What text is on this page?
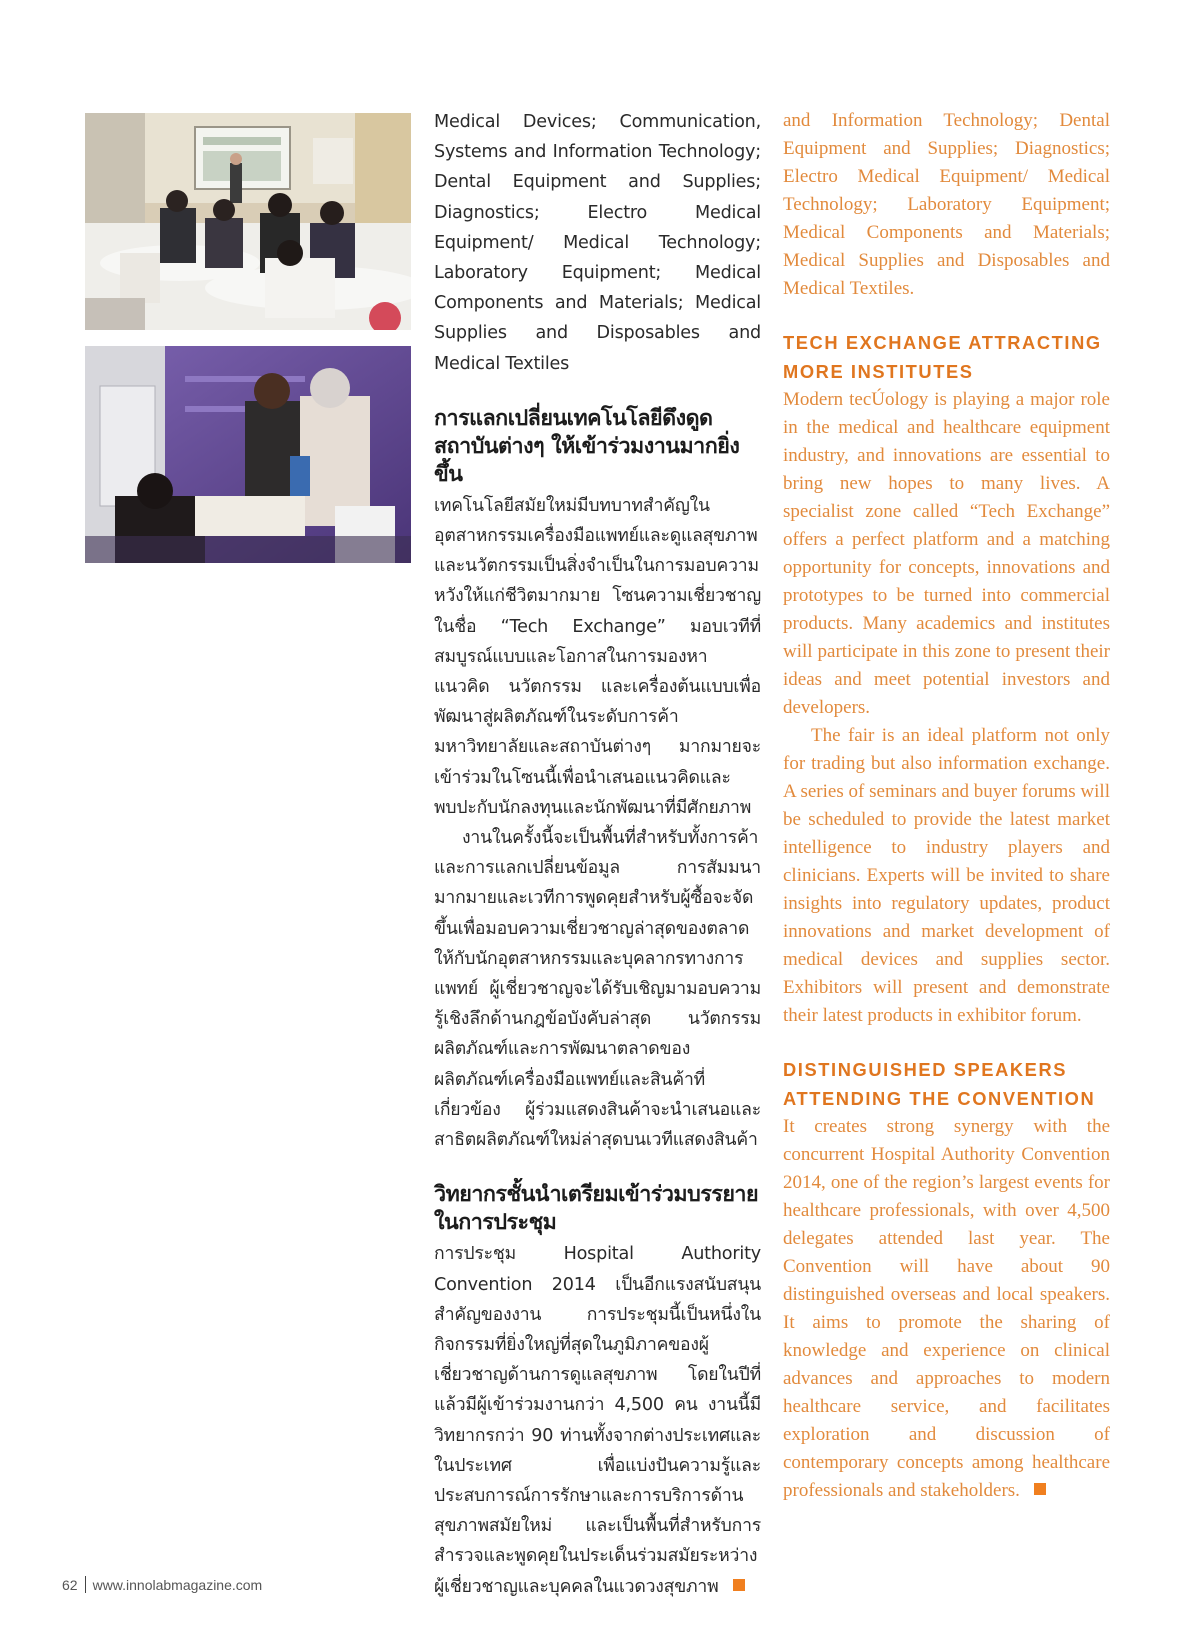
Medical Devices; Communication, Systems and Information Technology; Dental Equipment and Supplies; Diagnostics; Electro Medical Equipment/ Medical Technology; Laboratory Equipment; Medical Components and Materials; Medical Supplies and Disposables and Medical Textiles

การแลกเปลี่ยนเทคโนโลยีดึงดูดสถาบันต่างๆ ให้เข้าร่วมงานมากยิ่งขึ้น

เทคโนโลยีสมัยใหม่มีบทบาทสำคัญในอุตสาหกรรมเครื่องมือแพทย์และดูแลสุขภาพ และนวัตกรรมเป็นสิ่งจำเป็นในการมอบความหวังให้แก่ชีวิตมากมาย โซนความเชี่ยวชาญในชื่อ “Tech Exchange” มอบเวทีที่สมบูรณ์แบบและโอกาสในการมองหาแนวคิด นวัตกรรม และเครื่องต้นแบบเพื่อพัฒนาสู่ผลิตภัณฑ์ในระดับการค้า มหาวิทยาลัยและสถาบันต่างๆ มากมายจะเข้าร่วมในโซนนี้เพื่อนำเสนอแนวคิดและพบปะกับนักลงทุนและนักพัฒนาที่มีศักยภาพ

งานในครั้งนี้จะเป็นพื้นที่สำหรับทั้งการค้าและการแลกเปลี่ยนข้อมูล การสัมมนามากมายและเวทีการพูดคุยสำหรับผู้ซื้อจะจัดขึ้นเพื่อมอบความเชี่ยวชาญล่าสุดของตลาดให้กับนักอุตสาหกรรมและบุคลากรทางการแพทย์ ผู้เชี่ยวชาญจะได้รับเชิญมามอบความรู้เชิงลึกด้านกฎข้อบังคับล่าสุด นวัตกรรมผลิตภัณฑ์และการพัฒนาตลาดของผลิตภัณฑ์เครื่องมือแพทย์และสินค้าที่เกี่ยวข้อง ผู้ร่วมแสดงสินค้าจะนำเสนอและสาธิตผลิตภัณฑ์ใหม่ล่าสุดบนเวทีแสดงสินค้า

วิทยากรชั้นนำเตรียมเข้าร่วมบรรยายในการประชุม

การประชุม Hospital Authority Convention 2014 เป็นอีกแรงสนับสนุนสำคัญของงาน การประชุมนี้เป็นหนึ่งในกิจกรรมที่ยิ่งใหญ่ที่สุดในภูมิภาคของผู้เชี่ยวชาญด้านการดูแลสุขภาพ โดยในปีที่แล้วมีผู้เข้าร่วมงานกว่า 4,500 คน งานนี้มีวิทยากรกว่า 90 ท่านทั้งจากต่างประเทศและในประเทศ เพื่อแบ่งปันความรู้และประสบการณ์การรักษาและการบริการด้านสุขภาพสมัยใหม่ และเป็นพื้นที่สำหรับการสำรวจและพูดคุยในประเด็นร่วมสมัยระหว่างผู้เชี่ยวชาญและบุคคลในแวดวงสุขภาพ

and Information Technology; Dental Equipment and Supplies; Diagnostics; Electro Medical Equipment/ Medical Technology; Laboratory Equipment; Medical Components and Materials; Medical Supplies and Disposables and Medical Textiles.

TECH EXCHANGE ATTRACTING MORE INSTITUTES

Modern tecÚology is playing a major role in the medical and healthcare equipment industry, and innovations are essential to bring new hopes to many lives. A specialist zone called “Tech Exchange” offers a perfect platform and a matching opportunity for concepts, innovations and prototypes to be turned into commercial products. Many academics and institutes will participate in this zone to present their ideas and meet potential investors and developers.

The fair is an ideal platform not only for trading but also information exchange. A series of seminars and buyer forums will be scheduled to provide the latest market intelligence to industry players and clinicians. Experts will be invited to share insights into regulatory updates, product innovations and market development of medical devices and supplies sector. Exhibitors will present and demonstrate their latest products in exhibitor forum.

DISTINGUISHED SPEAKERS ATTENDING THE CONVENTION

It creates strong synergy with the concurrent Hospital Authority Convention 2014, one of the region’s largest events for healthcare professionals, with over 4,500 delegates attended last year. The Convention will have about 90 distinguished overseas and local speakers. It aims to promote the sharing of knowledge and experience on clinical advances and approaches to modern healthcare service, and facilitates exploration and discussion of contemporary concepts among healthcare professionals and stakeholders.

62 www.innolabmagazine.com
